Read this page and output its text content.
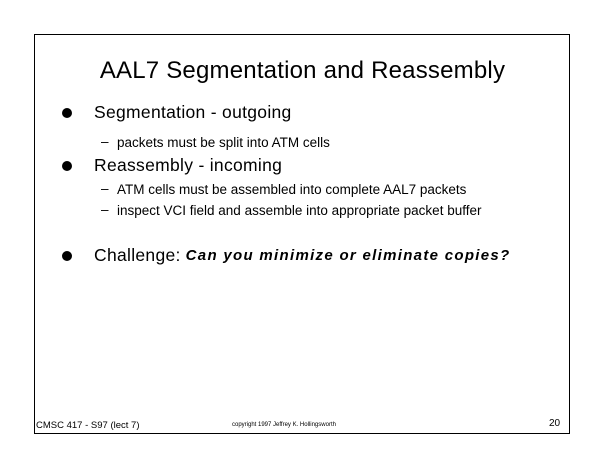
AAL7 Segmentation and Reassembly
Segmentation - outgoing
– packets must be split into ATM cells
Reassembly - incoming
– ATM cells must be assembled into complete AAL7 packets
– inspect VCI field and assemble into appropriate packet buffer
Challenge: Can you minimize or eliminate copies?
CMSC 417 - S97 (lect 7)	copyright 1997 Jeffrey K. Hollingsworth	20
